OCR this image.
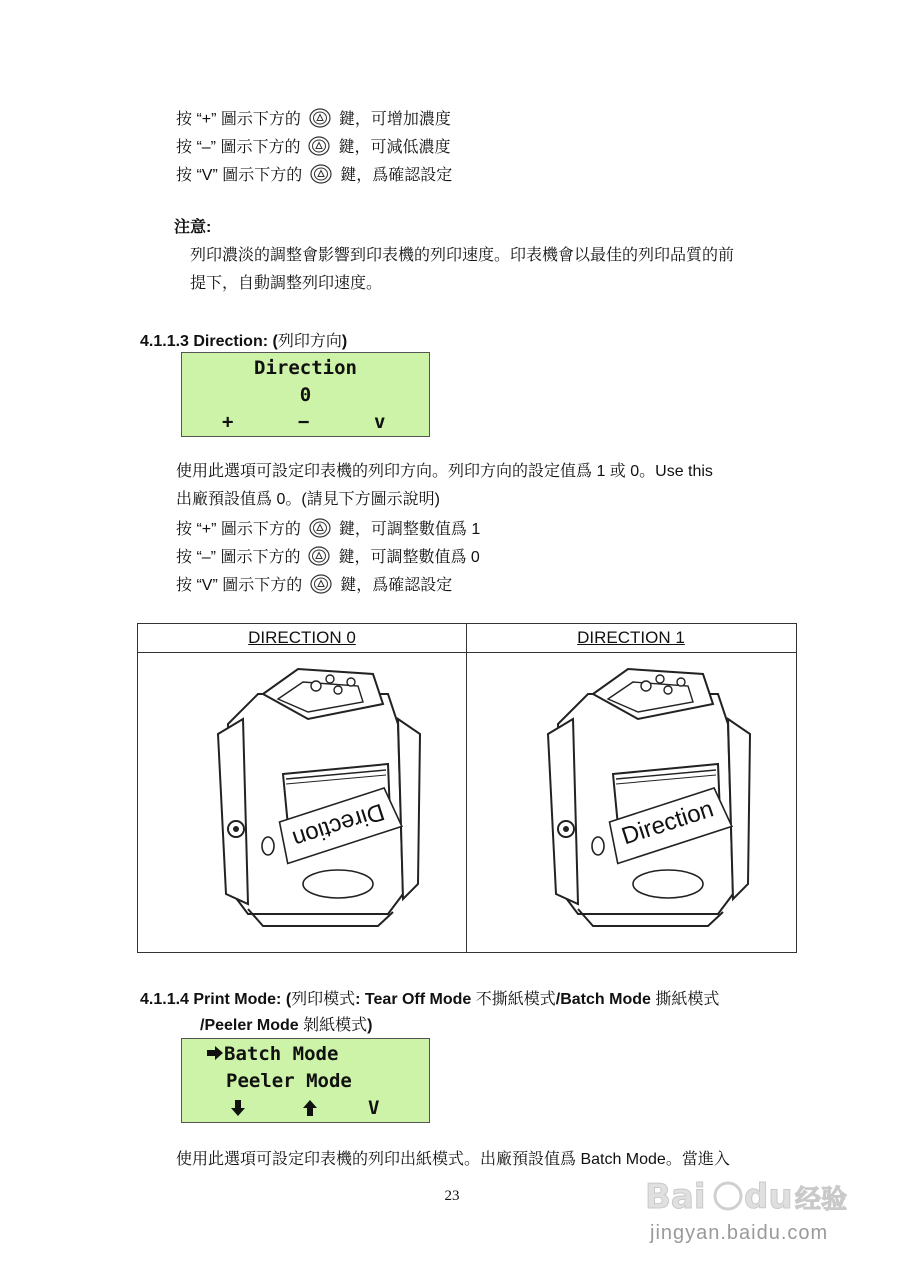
按 “+” 圖示下方的 鍵，可增加濃度
按 “–” 圖示下方的 鍵，可減低濃度
按 “V” 圖示下方的 鍵，爲確認設定
注意:
列印濃淡的調整會影響到印表機的列印速度。印表機會以最佳的列印品質的前
提下，自動調整列印速度。
4.1.1.3 Direction: (列印方向)
Direction
0
+	−	v
使用此選項可設定印表機的列印方向。列印方向的設定值爲 1 或 0。Use this
出廠預設值爲 0。(請見下方圖示說明)
按 “+” 圖示下方的 鍵，可調整數值爲 1
按 “–” 圖示下方的 鍵，可調整數值爲 0
按 “V” 圖示下方的 鍵，爲確認設定
DIRECTION 0	DIRECTION 1
Direction	Direction
4.1.1.4 Print Mode: (列印模式: Tear Off Mode 不撕紙模式/Batch Mode 撕紙模式
/Peeler Mode 剝紙模式)
Batch Mode
Peeler Mode
V
使用此選項可設定印表機的列印出紙模式。出廠預設值爲 Batch Mode。當進入
23	Bai du 经验
jingyan.baidu.com
